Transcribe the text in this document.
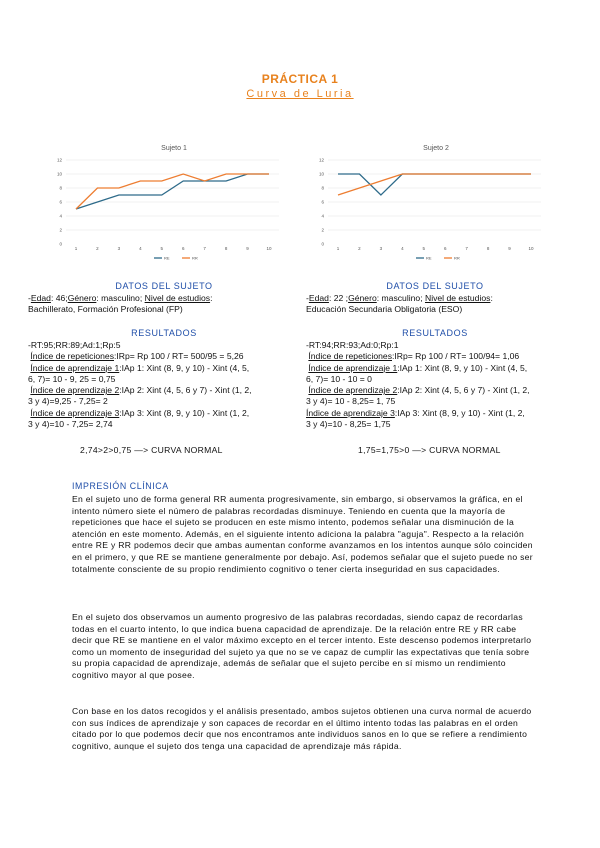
PRÁCTICA 1
Curva de Luria
Sujeto 1
12
10
8
6
4
2
0
1	2	3	4	5	6	7	8	9	10
RE	RR
Sujeto 2
12
10
8
6
4
2
0
1	2	3	4	5	6	7	8	9	10
RE	RR
DATOS DEL SUJETO
-Edad: 46;Género: masculino; Nivel de estudios:
Bachillerato, Formación Profesional (FP)
RESULTADOS
-RT:95;RR:89;Ad:1;Rp:5
Índice de repeticiones:IRp= Rp 100 / RT= 500/95 = 5,26
Índice de aprendizaje 1:IAp 1: Xint (8, 9, y 10) - Xint (4, 5,
6, 7)= 10 - 9, 25 = 0,75
Índice de aprendizaje 2:IAp 2: Xint (4, 5, 6 y 7) - Xint (1, 2,
3 y 4)=9,25 - 7,25= 2
Índice de aprendizaje 3:IAp 3: Xint (8, 9, y 10) - Xint (1, 2,
3 y 4)=10 - 7,25= 2,74
2,74>2>0,75 —> CURVA NORMAL
DATOS DEL SUJETO
-Edad: 22 ;Género: masculino; Nivel de estudios:
Educación Secundaria Obligatoria (ESO)
RESULTADOS
-RT:94;RR:93;Ad:0;Rp:1
Índice de repeticiones:IRp= Rp 100 / RT= 100/94= 1,06
Índice de aprendizaje 1:IAp 1: Xint (8, 9, y 10) - Xint (4, 5,
6, 7)= 10 - 10 = 0
Índice de aprendizaje 2:IAp 2: Xint (4, 5, 6 y 7) - Xint (1, 2,
3 y 4)= 10 - 8,25= 1, 75
Índice de aprendizaje 3:IAp 3: Xint (8, 9, y 10) - Xint (1, 2,
3 y 4)=10 - 8,25= 1,75
1,75=1,75>0 —> CURVA NORMAL
IMPRESIÓN CLÍNICA
En el sujeto uno de forma general RR aumenta progresivamente, sin embargo, si observamos la gráfica, en el intento número siete el número de palabras recordadas disminuye. Teniendo en cuenta que la mayoría de repeticiones que hace el sujeto se producen en este mismo intento, podemos señalar una disminución de la atención en este momento. Además, en el siguiente intento adiciona la palabra "aguja". Respecto a la relación entre RE y RR podemos decir que ambas aumentan conforme avanzamos en los intentos aunque sólo coinciden en el primero, y que RE se mantiene generalmente por debajo. Así, podemos señalar que el sujeto puede no ser totalmente consciente de su propio rendimiento cognitivo o tener cierta inseguridad en sus capacidades.
En el sujeto dos observamos un aumento progresivo de las palabras recordadas, siendo capaz de recordarlas todas en el cuarto intento, lo que indica buena capacidad de aprendizaje. De la relación entre RE y RR cabe decir que RE se mantiene en el valor máximo excepto en el tercer intento. Este descenso podemos interpretarlo como un momento de inseguridad del sujeto ya que no se ve capaz de cumplir las expectativas que tenía sobre su propia capacidad de aprendizaje, además de señalar que el sujeto percibe en sí mismo un rendimiento cognitivo mayor al que posee.
Con base en los datos recogidos y el análisis presentado, ambos sujetos obtienen una curva normal de acuerdo con sus índices de aprendizaje y son capaces de recordar en el último intento todas las palabras en el orden citado por lo que podemos decir que nos encontramos ante individuos sanos en lo que se refiere a rendimiento cognitivo, aunque el sujeto dos tenga una capacidad de aprendizaje más rápida.
